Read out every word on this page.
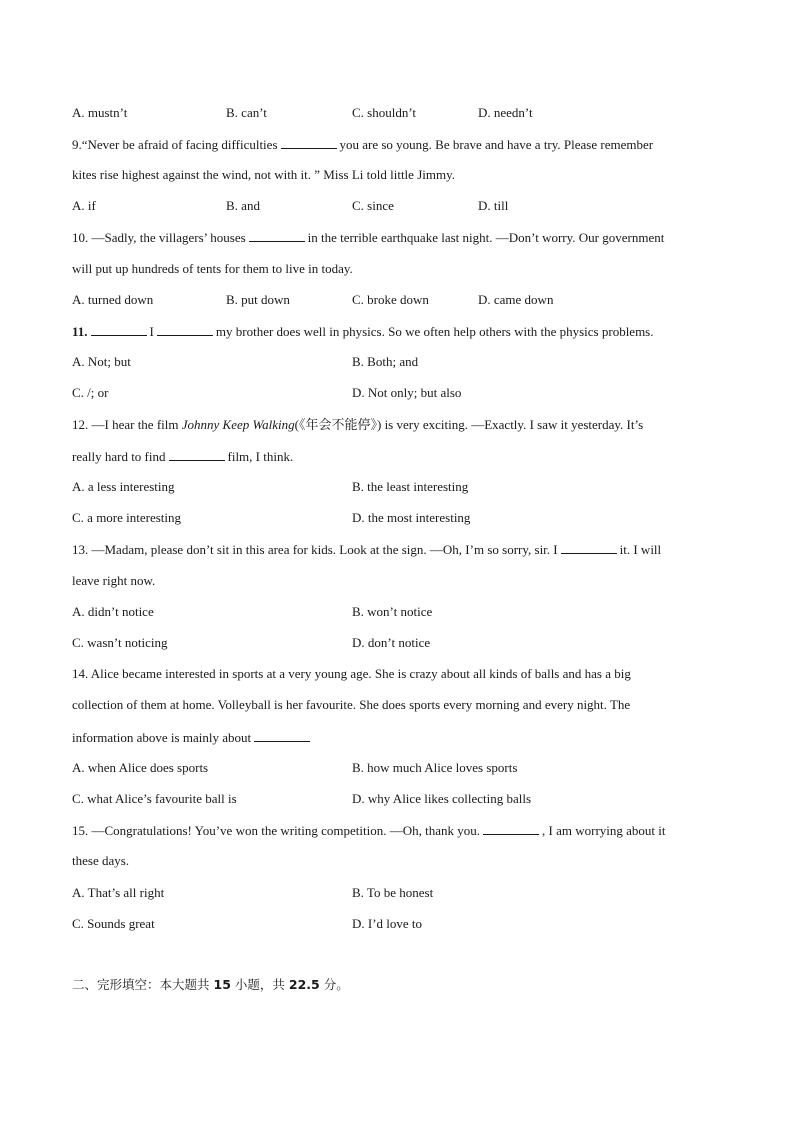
A. mustn’t	B. can’t	C. shouldn’t	D. needn’t
9.“Never be afraid of facing difficulties	you are so young. Be brave and have a try. Please remember
kites rise highest against the wind, not with it. ” Miss Li told little Jimmy.
A. if	B. and	C. since	D. till
10. —Sadly, the villagers’ houses	in the terrible earthquake last night. —Don’t worry. Our government
will put up hundreds of tents for them to live in today.
A. turned down	B. put down	C. broke down	D. came down
11.	I	my brother does well in physics. So we often help others with the physics problems.
A. Not; but	B. Both; and
C. /; or	D. Not only; but also
12. —I hear the film Johnny Keep Walking(《年会不能停》) is very exciting. —Exactly. I saw it yesterday. It’s
really hard to find	film, I think.
A. a less interesting	B. the least interesting
C. a more interesting	D. the most interesting
13. —Madam, please don’t sit in this area for kids. Look at the sign. —Oh, I’m so sorry, sir. I	it. I will
leave right now.
A. didn’t notice	B. won’t notice
C. wasn’t noticing	D. don’t notice
14. Alice became interested in sports at a very young age. She is crazy about all kinds of balls and has a big
collection of them at home. Volleyball is her favourite. She does sports every morning and every night. The
information above is mainly about
A. when Alice does sports	B. how much Alice loves sports
C. what Alice’s favourite ball is	D. why Alice likes collecting balls
15. —Congratulations! You’ve won the writing competition. —Oh, thank you.	, I am worrying about it
these days.
A. That’s all right	B. To be honest
C. Sounds great	D. I’d love to
二、完形填空：本大题共 15 小题，共 22.5 分。
